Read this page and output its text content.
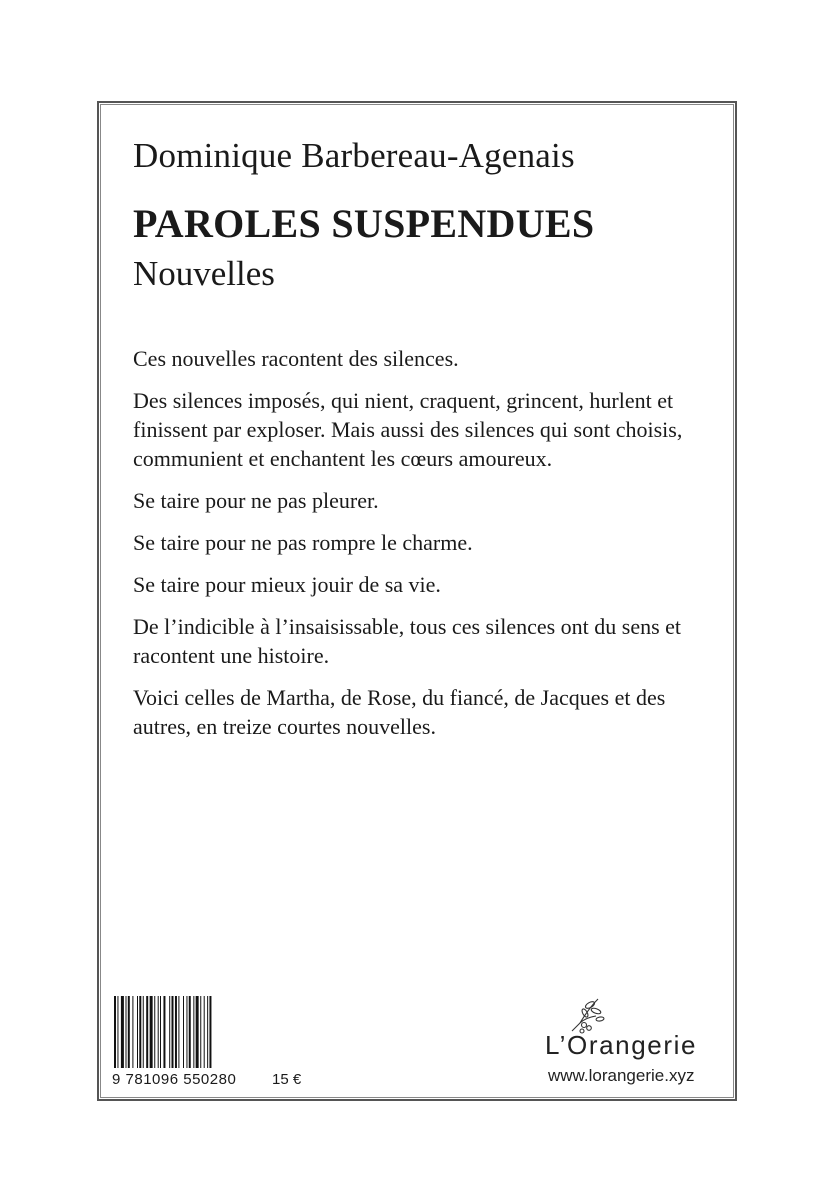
Dominique Barbereau-Agenais
PAROLES SUSPENDUES
Nouvelles

Ces nouvelles racontent des silences.

Des silences imposés, qui nient, craquent, grincent, hurlent et finissent par exploser. Mais aussi des silences qui sont choisis, communient et enchantent les cœurs amoureux.

Se taire pour ne pas pleurer.

Se taire pour ne pas rompre le charme.

Se taire pour mieux jouir de sa vie.

De l’indicible à l’insaisissable, tous ces silences ont du sens et racontent une histoire.

Voici celles de Martha, de Rose, du fiancé, de Jacques et des autres, en treize courtes nouvelles.

9 781096 550280 15 €
L’Orangerie
www.lorangerie.xyz
